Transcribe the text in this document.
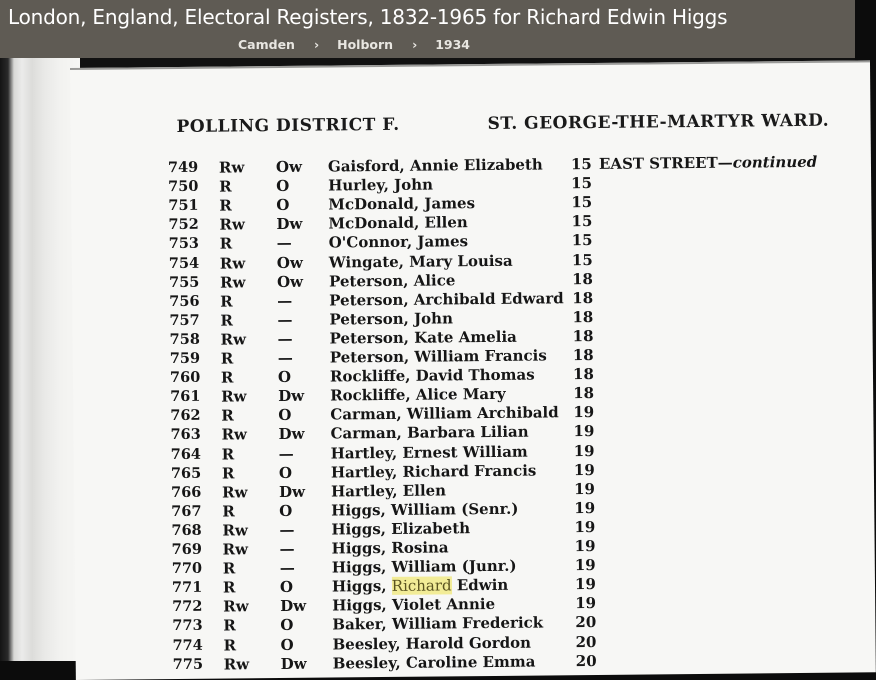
London, England, Electoral Registers, 1832-1965 for Richard Edwin Higgs
Camden › Holborn › 1934
POLLING DISTRICT F.	ST. GEORGE-THE-MARTYR WARD.
749 Rw Ow Gaisford, Annie Elizabeth 15 EAST STREET—continued
750 R	O	Hurley, John	15
751 R	O	McDonald, James	15
752 Rw Dw McDonald, Ellen	15
753 R	— O'Connor, James	15
754 Rw Ow Wingate, Mary Louisa	15
755 Rw Ow Peterson, Alice	18
756 R	— Peterson, Archibald Edward 18
757 R	— Peterson, John	18
758 Rw — Peterson, Kate Amelia	18
759 R	— Peterson, William Francis 18
760 R	O	Rockliffe, David Thomas	18
761 Rw Dw Rockliffe, Alice Mary	18
762 R	O	Carman, William Archibald 19
763 Rw Dw Carman, Barbara Lilian	19
764 R	— Hartley, Ernest William	19
765 R	O	Hartley, Richard Francis 19
766 Rw Dw Hartley, Ellen	19
767 R	O	Higgs, William (Senr.)	19
768 Rw — Higgs, Elizabeth	19
769 Rw — Higgs, Rosina	19
770 R	— Higgs, William (Junr.)	19
771 R	O	Higgs, Richard Edwin	19
772 Rw Dw Higgs, Violet Annie	19
773 R	O	Baker, William Frederick 20
774 R	O	Beesley, Harold Gordon	20
775 Rw Dw Beesley, Caroline Emma	20
